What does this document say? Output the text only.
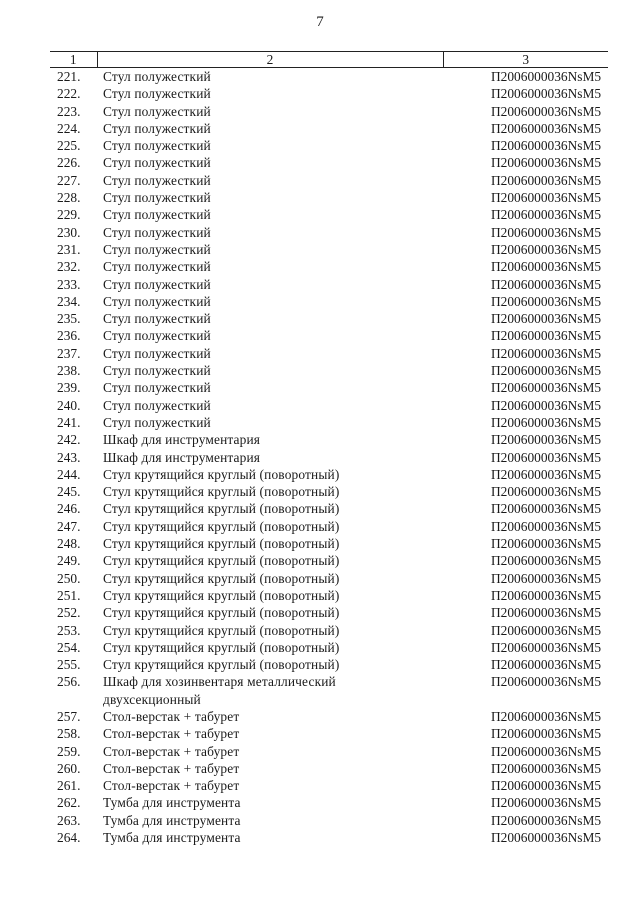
7
1	2	3
221.	Стул полужесткий	П2006000036NsM5
222.	Стул полужесткий	П2006000036NsM5
223.	Стул полужесткий	П2006000036NsM5
224.	Стул полужесткий	П2006000036NsM5
225.	Стул полужесткий	П2006000036NsM5
226.	Стул полужесткий	П2006000036NsM5
227.	Стул полужесткий	П2006000036NsM5
228.	Стул полужесткий	П2006000036NsM5
229.	Стул полужесткий	П2006000036NsM5
230.	Стул полужесткий	П2006000036NsM5
231.	Стул полужесткий	П2006000036NsM5
232.	Стул полужесткий	П2006000036NsM5
233.	Стул полужесткий	П2006000036NsM5
234.	Стул полужесткий	П2006000036NsM5
235.	Стул полужесткий	П2006000036NsM5
236.	Стул полужесткий	П2006000036NsM5
237.	Стул полужесткий	П2006000036NsM5
238.	Стул полужесткий	П2006000036NsM5
239.	Стул полужесткий	П2006000036NsM5
240.	Стул полужесткий	П2006000036NsM5
241.	Стул полужесткий	П2006000036NsM5
242.	Шкаф для инструментария	П2006000036NsM5
243.	Шкаф для инструментария	П2006000036NsM5
244.	Стул крутящийся круглый (поворотный)	П2006000036NsM5
245.	Стул крутящийся круглый (поворотный)	П2006000036NsM5
246.	Стул крутящийся круглый (поворотный)	П2006000036NsM5
247.	Стул крутящийся круглый (поворотный)	П2006000036NsM5
248.	Стул крутящийся круглый (поворотный)	П2006000036NsM5
249.	Стул крутящийся круглый (поворотный)	П2006000036NsM5
250.	Стул крутящийся круглый (поворотный)	П2006000036NsM5
251.	Стул крутящийся круглый (поворотный)	П2006000036NsM5
252.	Стул крутящийся круглый (поворотный)	П2006000036NsM5
253.	Стул крутящийся круглый (поворотный)	П2006000036NsM5
254.	Стул крутящийся круглый (поворотный)	П2006000036NsM5
255.	Стул крутящийся круглый (поворотный)	П2006000036NsM5
256.	Шкаф для хозинвентаря металлический двухсекционный	П2006000036NsM5
257.	Стол-верстак + табурет	П2006000036NsM5
258.	Стол-верстак + табурет	П2006000036NsM5
259.	Стол-верстак + табурет	П2006000036NsM5
260.	Стол-верстак + табурет	П2006000036NsM5
261.	Стол-верстак + табурет	П2006000036NsM5
262.	Тумба для инструмента	П2006000036NsM5
263.	Тумба для инструмента	П2006000036NsM5
264.	Тумба для инструмента	П2006000036NsM5
